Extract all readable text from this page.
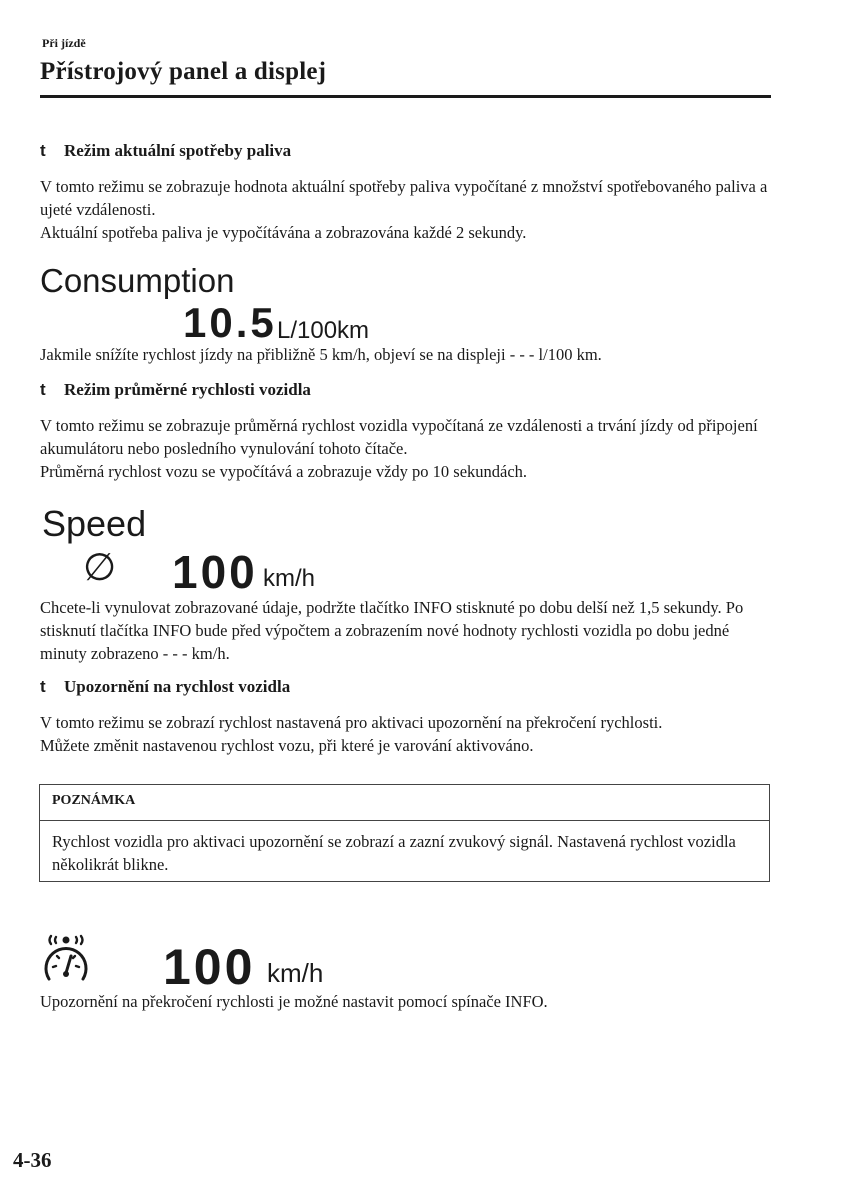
Při jízdě
Přístrojový panel a displej
t Režim aktuální spotřeby paliva

V tomto režimu se zobrazuje hodnota aktuální spotřeby paliva vypočítané z množství spotřebovaného paliva a ujeté vzdálenosti.

Aktuální spotřeba paliva je vypočítávána a zobrazována každé 2 sekundy.

Consumption
10.5 L/100km

Jakmile snížíte rychlost jízdy na přibližně 5 km/h, objeví se na displeji - - - l/100 km.

t Režim průměrné rychlosti vozidla

V tomto režimu se zobrazuje průměrná rychlost vozidla vypočítaná ze vzdálenosti a trvání jízdy od připojení akumulátoru nebo posledního vynulování tohoto čítače.

Průměrná rychlost vozu se vypočítává a zobrazuje vždy po 10 sekundách.

Speed
∅ 100 km/h

Chcete-li vynulovat zobrazované údaje, podržte tlačítko INFO stisknuté po dobu delší než 1,5 sekundy. Po stisknutí tlačítka INFO bude před výpočtem a zobrazením nové hodnoty rychlosti vozidla po dobu jedné minuty zobrazeno - - - km/h.

t Upozornění na rychlost vozidla

V tomto režimu se zobrazí rychlost nastavená pro aktivaci upozornění na překročení rychlosti.

Můžete změnit nastavenou rychlost vozu, při které je varování aktivováno.

POZNÁMKA
Rychlost vozidla pro aktivaci upozornění se zobrazí a zazní zvukový signál. Nastavená rychlost vozidla několikrát blikne.
100 km/h

Upozornění na překročení rychlosti je možné nastavit pomocí spínače INFO.

4-36
